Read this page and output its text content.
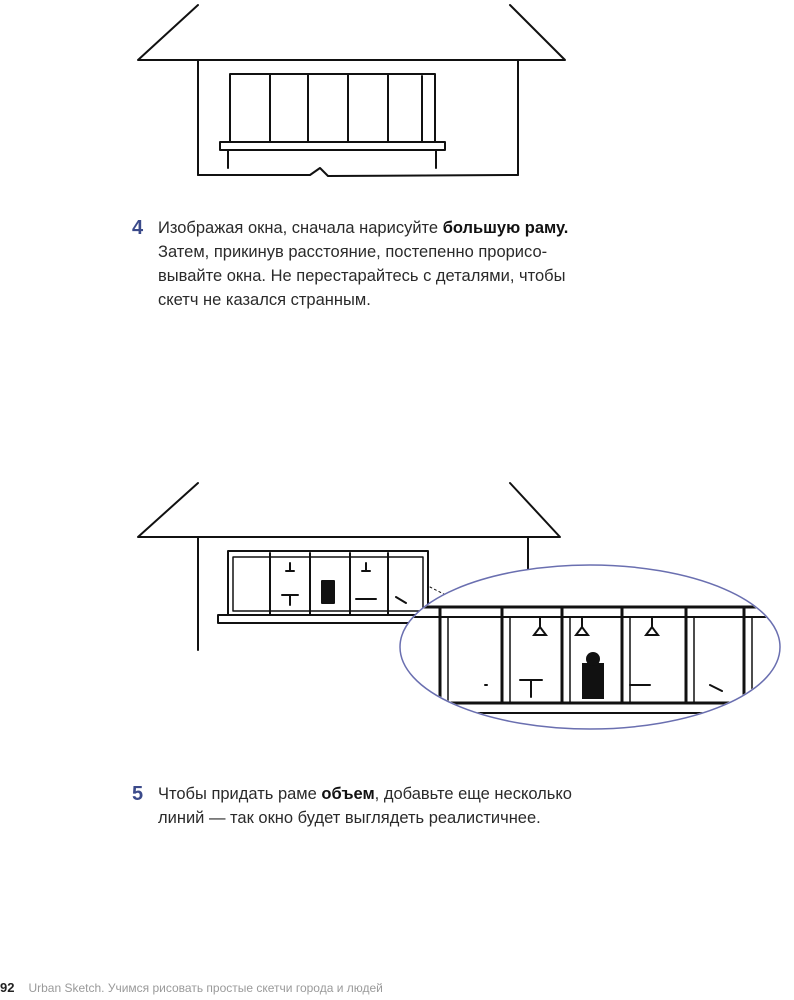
4 Изображая окна, сначала нарисуйте большую раму.
Затем, прикинув расстояние, постепенно прорисо-
вывайте окна. Не перестарайтесь с деталями, чтобы
скетч не казался странным.
5 Чтобы придать раме объем, добавьте еще несколько
линий — так окно будет выглядеть реалистичнее.
92 Urban Sketch. Учимся рисовать простые скетчи города и людей
